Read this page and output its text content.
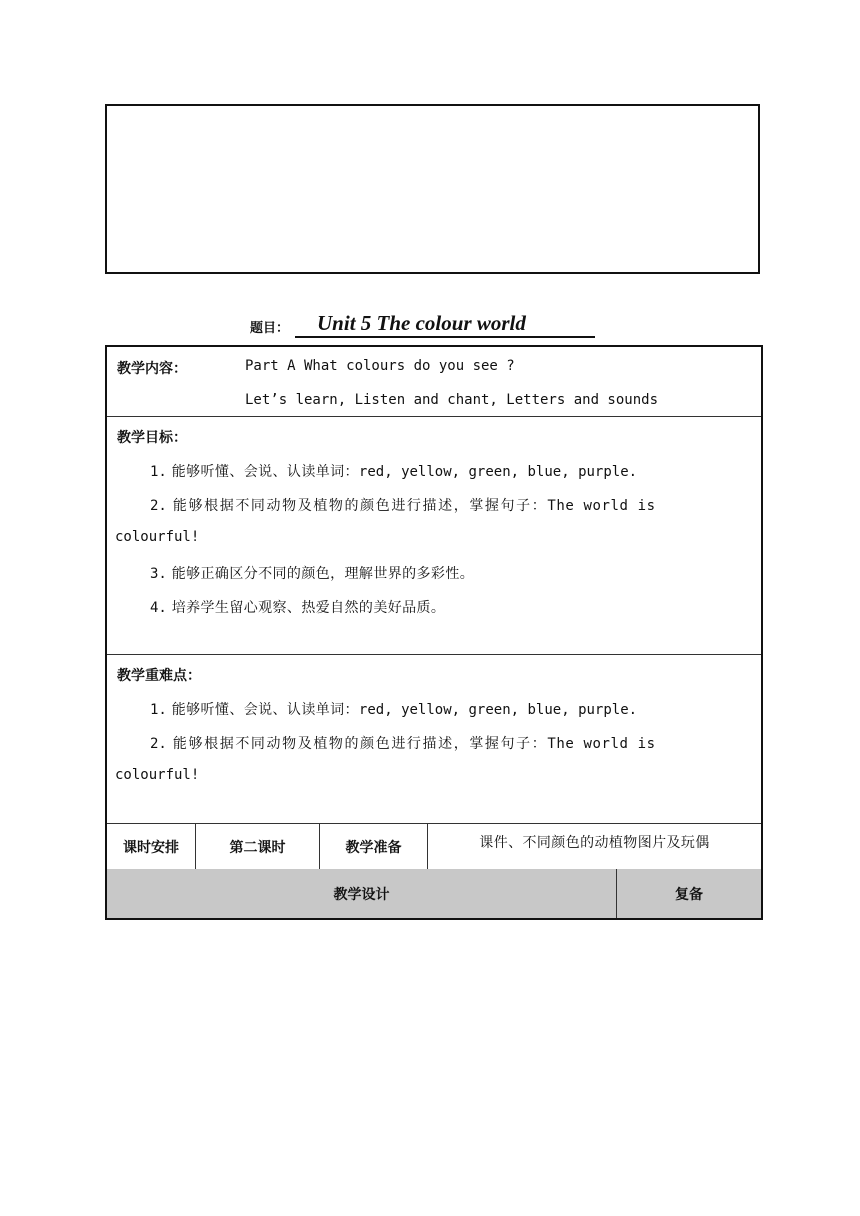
题目：	Unit 5 The colour world
教学内容：	Part A What colours do you see ?
Let’s learn, Listen and chant, Letters and sounds
教学目标：
1. 能够听懂、会说、认读单词：red, yellow, green, blue, purple.
2. 能够根据不同动物及植物的颜色进行描述，掌握句子：The world is
colourful!
3. 能够正确区分不同的颜色，理解世界的多彩性。
4. 培养学生留心观察、热爱自然的美好品质。
教学重难点：
1. 能够听懂、会说、认读单词：red, yellow, green, blue, purple.
2. 能够根据不同动物及植物的颜色进行描述，掌握句子：The world is
colourful!
课时安排	第二课时	教学准备	课件、不同颜色的动植物图片及玩偶
教学设计	复备
